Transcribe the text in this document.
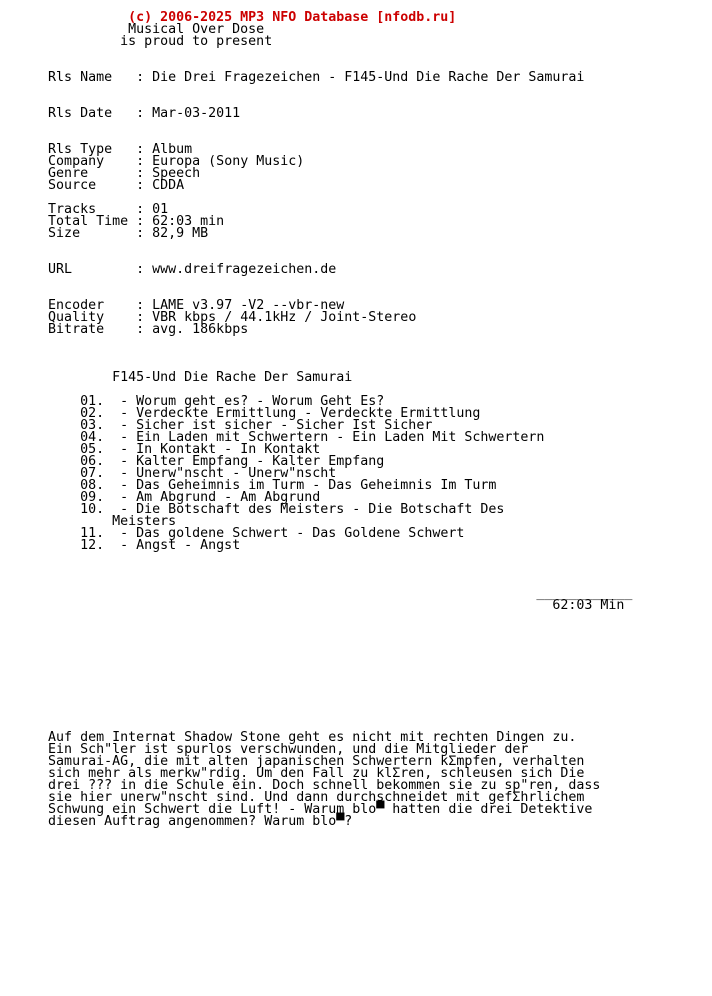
(c) 2006-2025 MP3 NFO Database [nfodb.ru]
Musical Over Dose
is proud to present

Rls Name   : Die Drei Fragezeichen - F145-Und Die Rache Der Samurai

Rls Date   : Mar-03-2011

Rls Type   : Album
Company    : Europa (Sony Music)
Genre      : Speech
Source     : CDDA

Tracks     : 01
Total Time : 62:03 min
Size       : 82,9 MB

URL        : www.dreifragezeichen.de

Encoder    : LAME v3.97 -V2 --vbr-new
Quality    : VBR kbps / 44.1kHz / Joint-Stereo
Bitrate    : avg. 186kbps

F145-Und Die Rache Der Samurai

01.  - Worum geht es? - Worum Geht Es?
02.  - Verdeckte Ermittlung - Verdeckte Ermittlung
03.  - Sicher ist sicher - Sicher Ist Sicher
04.  - Ein Laden mit Schwertern - Ein Laden Mit Schwertern
05.  - In Kontakt - In Kontakt
06.  - Kalter Empfang - Kalter Empfang
07.  - Unerw"nscht - Unerw"nscht
08.  - Das Geheimnis im Turm - Das Geheimnis Im Turm
09.  - Am Abgrund - Am Abgrund
10.  - Die Botschaft des Meisters - Die Botschaft Des
Meisters
11.  - Das goldene Schwert - Das Goldene Schwert
12.  - Angst - Angst

____________
62:03 Min

Auf dem Internat Shadow Stone geht es nicht mit rechten Dingen zu.
Ein Sch"ler ist spurlos verschwunden, und die Mitglieder der
Samurai-AG, die mit alten japanischen Schwertern kΣmpfen, verhalten
sich mehr als merkw"rdig. Um den Fall zu klΣren, schleusen sich Die
drei ??? in die Schule ein. Doch schnell bekommen sie zu sp"ren, dass
sie hier unerw"nscht sind. Und dann durchschneidet mit gefΣhrlichem
Schwung ein Schwert die Luft! - Warum blo▀ hatten die drei Detektive
diesen Auftrag angenommen? Warum blo▀?
